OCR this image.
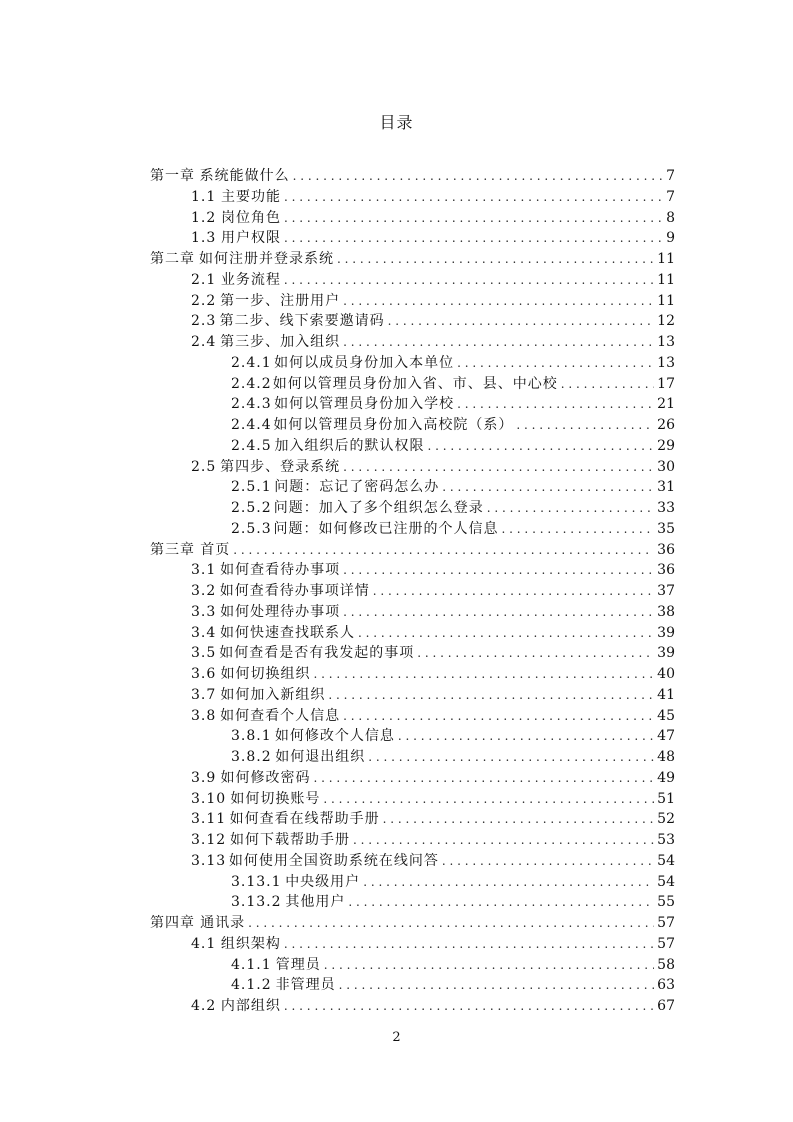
目录
第一章 系统能做什么 . . .	7
1.1 主要功能 . . .	7
1.2 岗位角色 . . .	8
1.3 用户权限 . . .	9
第二章 如何注册并登录系统 . . .	11
2.1 业务流程 . . .	11
2.2 第一步、注册用户 . . .	11
2.3 第二步、线下索要邀请码 . . .	12
2.4 第三步、加入组织 . . .	13
2.4.1 如何以成员身份加入本单位 . . .	13
2.4.2 如何以管理员身份加入省、市、县、中心校 . . .	17
2.4.3 如何以管理员身份加入学校 . . .	21
2.4.4 如何以管理员身份加入高校院（系） . . .	26
2.4.5 加入组织后的默认权限 . . .	29
2.5 第四步、登录系统 . . .	30
2.5.1 问题：忘记了密码怎么办 . . .	31
2.5.2 问题：加入了多个组织怎么登录 . . .	33
2.5.3 问题：如何修改已注册的个人信息 . . .	35
第三章 首页 . . .	36
3.1 如何查看待办事项 . . .	36
3.2 如何查看待办事项详情 . . .	37
3.3 如何处理待办事项 . . .	38
3.4 如何快速查找联系人 . . .	39
3.5 如何查看是否有我发起的事项 . . .	39
3.6 如何切换组织 . . .	40
3.7 如何加入新组织 . . .	41
3.8 如何查看个人信息 . . .	45
3.8.1 如何修改个人信息 . . .	47
3.8.2 如何退出组织 . . .	48
3.9 如何修改密码 . . .	49
3.10 如何切换账号 . . .	51
3.11 如何查看在线帮助手册 . . .	52
3.12 如何下载帮助手册 . . .	53
3.13 如何使用全国资助系统在线问答 . . .	54
3.13.1 中央级用户 . . .	54
3.13.2 其他用户 . . .	55
第四章 通讯录 . . .	57
4.1 组织架构 . . .	57
4.1.1 管理员 . . .	58
4.1.2 非管理员 . . .	63
4.2 内部组织 . . .	67
2
